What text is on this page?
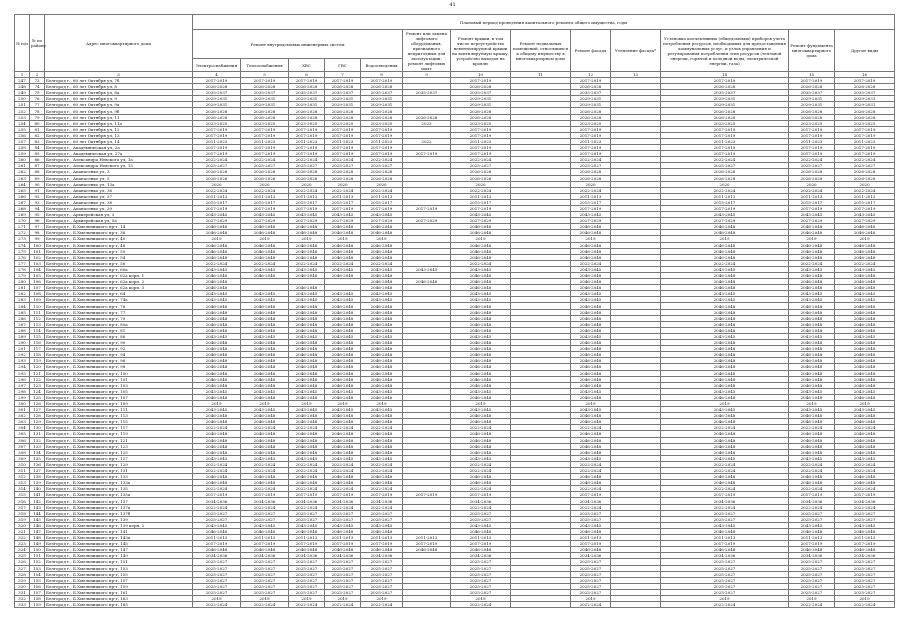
41
№ п/п	№ по району	Адрес многоквартирного дома	Плановый период проведения капитального ремонта общего имущества, годы												
			Ремонт внутридомовых инженерных систем					Ремонт или замена лифтового оборудования, признанного непригодным для эксплуатации, ремонт лифтовых шахт	Ремонт крыши, в том числе переустройство невентилируемой крыши на вентилируемую крышу, устройство выходов на кровлю	Ремонт подвальных помещений, относящихся к общему имуществу в многоквартирном доме	Ремонт фасада	Утепление фасада*	Установка коллективных (общедомовых) приборов учета потребления ресурсов, необходимых для предоставления коммунальных услуг, и узлов управления и регулирования потребления этих ресурсов (тепловой энергии, горячей и холодной воды, электрической энергии, газа)	Ремонт фундамента многоквартирного дома	Другие виды
			Электроснабжения	Теплоснабжения	ХВС	ГВС	Водоотведения								
1	2	3	4	5	6	7	8	9	10	11	12	13	14	15	16
247	73	Белгород г., 60 лет Октября ул, 7б	2017-2019	2017-2019	2017-2019	2017-2019	2017-2019		2017-2019		2017-2019		2017-2019	2017-2019	2017-2019
248	74	Белгород г., 60 лет Октября ул, 8	2026-2028	2026-2028	2026-2028	2026-2028	2026-2028		2026-2028		2026-2028		2026-2028	2026-2028	2026-2028
249	75	Белгород г., 60 лет Октября ул, 8а	2035-2037	2035-2037	2035-2037	2035-2037	2035-2037	2035-2037	2035-2037		2035-2037		2035-2037	2035-2037	2035-2037
250	76	Белгород г., 60 лет Октября ул, 9	2029-2031	2029-2031	2029-2031	2029-2031	2029-2031		2029-2031		2029-2031		2029-2031	2029-2031	2029-2031
251	77	Белгород г., 60 лет Октября ул, 9а	2029-2031	2029-2031	2029-2031	2029-2031	2029-2031		2029-2031		2029-2031		2029-2031	2029-2031	2029-2031
252	78	Белгород г., 60 лет Октября ул, 9б	2026-2028	2026-2028	2026-2028	2026-2028	2026-2028		2026-2028		2026-2028		2026-2028	2026-2028	2026-2028
253	79	Белгород г., 60 лет Октября ул, 11	2026-2028	2026-2028	2026-2028	2026-2028	2026-2028	2026-2028	2026-2028		2026-2028		2026-2028	2026-2028	2026-2028
254	80	Белгород г., 60 лет Октября ул, 11а	2023-2025	2023-2025	2023-2025	2023-2025	2023-2025	2023	2023-2025		2023-2025		2023-2025	2023-2025	2023-2025
255	81	Белгород г., 60 лет Октября ул, 12	2017-2019	2017-2019	2017-2019	2017-2019	2017-2019		2017-2019		2017-2019		2017-2019	2017-2019	2017-2019
256	82	Белгород г., 60 лет Октября ул, 13	2017-2019	2017-2019	2017-2019	2017-2019	2017-2019		2017-2019		2017-2019		2017-2019	2017-2019	2017-2019
257	83	Белгород г., 60 лет Октября ул, 14	2011-2023	2011-2023	2011-2023	2011-2023	2011-2023	2022	2011-2023		2011-2023		2011-2023	2011-2023	2011-2023
258	84	Белгород г., Академическая ул, 2а	2017-2019	2017-2019	2017-2019	2017-2019	2017-2019		2017-2019		2017-2019		2017-2019	2017-2019	2017-2019
259	85	Белгород г., Академическая ул, 27а	2017-2019	2017-2019	2017-2019	2017-2019	2017-2019	2017-2019	2017-2019		2017-2019		2017-2019	2017-2019	2017-2019
260	86	Белгород г., Александра Невского ул, 1а	2022-2024	2022-2024	2022-2024	2022-2024	2022-2024		2022-2024		2022-2024		2022-2024	2022-2024	2022-2024
261	87	Белгород г., Александра Невского ул, 15	2025-2027	2025-2027	2025-2027	2025-2027	2025-2027		2025-2027		2025-2027		2025-2027	2025-2027	2025-2027
262	88	Белгород г., Апанасенко ул, 3	2026-2028	2026-2028	2026-2028	2026-2028	2026-2028		2026-2028		2026-2028		2026-2028	2026-2028	2026-2028
263	89	Белгород г., Апанасенко ул, 5	2026-2028	2026-2028	2026-2028	2026-2028	2026-2028		2026-2028		2026-2028		2026-2028	2026-2028	2026-2028
264	90	Белгород г., Апанасенко ул, 13а	2020	2020	2020	2020	2020		2020		2020		2020	2020	2020
265	91	Белгород г., Апанасенко ул, 36	2022-2024	2022-2024	2022-2024	2022-2024	2022-2024		2022-2024		2022-2024		2022-2024	2022-2024	2022-2024
266	92	Белгород г., Апанасенко ул, 37	2011-2013	2011-2013	2011-2013	2011-2013	2011-2013		2011-2013		2011-2013		2011-2013	2011-2013	2011-2013
267	93	Белгород г., Апанасенко ул, 38	2015-2017	2015-2017	2015-2017	2015-2017	2015-2017		2015-2017		2015-2017		2015-2017	2015-2017	2015-2017
268	94	Белгород г., Апанасенко ул, 39	2017-2019	2017-2019	2017-2019	2017-2019	2017-2019	2017-2019	2017-2019		2017-2019		2017-2019	2017-2019	2017-2019
269	95	Белгород г., Архиерейская ул, 3	2043-2045	2043-2045	2043-2045	2043-2045	2043-2045		2043-2045		2043-2045		2043-2045	2043-2045	2043-2045
270	96	Белгород г., Архиерейская ул, 5а	2027-2029	2027-2029	2027-2029	2027-2029	2027-2029	2027-2029	2027-2029		2027-2029		2027-2029	2027-2029	2027-2029
271	97	Белгород г., Б.Хмельницкого пр-т, 14	2046-2048	2046-2048	2046-2048	2046-2048	2046-2048		2046-2048		2046-2048		2046-2048	2046-2048	2046-2048
272	98	Белгород г., Б.Хмельницкого пр-т, 38	2046-2048	2046-2048	2046-2048	2046-2048	2046-2048		2046-2048		2046-2048		2046-2048	2046-2048	2046-2048
273	99	Белгород г., Б.Хмельницкого пр-т, 40	2019	2019	2019	2019	2019		2019		2019		2019	2019	2019
274	100	Белгород г., Б.Хмельницкого пр-т, 48	2046-2048	2046-2048	2046-2048	2046-2048	2046-2048		2046-2048		2046-2048		2046-2048	2046-2048	2046-2048
275	101	Белгород г., Б.Хмельницкого пр-т, 50	2046-2048	2046-2048	2046-2048	2046-2048	2046-2048		2046-2048		2046-2048		2046-2048	2046-2048	2046-2048
276	102	Белгород г., Б.Хмельницкого пр-т, 54	2046-2048	2046-2048	2046-2048	2046-2048	2046-2048		2046-2048		2046-2048		2046-2048	2046-2048	2046-2048
277	103	Белгород г., Б.Хмельницкого пр-т, 56	2022-2024	2022-2024	2022-2024	2022-2024	2022-2024		2022-2024		2022-2024		2022-2024	2022-2024	2022-2024
278	104	Белгород г., Б.Хмельницкого пр-т, 60а	2043-2045	2043-2045	2043-2045	2043-2045	2043-2045	2043-2045	2043-2045		2043-2045		2043-2045	2043-2045	2043-2045
279	105	Белгород г., Б.Хмельницкого пр-т, 62а корп. 1	2046-2048	2046-2048	2046-2048	2046-2048	2046-2048		2046-2048		2046-2048		2046-2048	2046-2048	2046-2048
280	106	Белгород г., Б.Хмельницкого пр-т, 62а корп. 2	2046-2048				2046-2048	2046-2048	2046-2048		2046-2048		2046-2048	2046-2048	2046-2048
281	107	Белгород г., Б.Хмельницкого пр-т, 62а корп. 3	2046-2048		2046-2048		2046-2048		2046-2048		2046-2048		2046-2048	2046-2048	2046-2048
282	108	Белгород г., Б.Хмельницкого пр-т, 64	2043-2045	2043-2045	2043-2045	2043-2045	2043-2045		2043-2045		2043-2045		2043-2045	2043-2045	2043-2045
283	109	Белгород г., Б.Хмельницкого пр-т, 74а	2043-2045	2043-2045	2043-2045	2043-2045	2043-2045		2043-2045		2043-2045		2043-2045	2043-2045	2043-2045
284	110	Белгород г., Б.Хмельницкого пр-т, 76	2046-2048	2046-2048	2046-2048	2046-2048	2046-2048		2046-2048		2046-2048		2046-2048	2046-2048	2046-2048
285	111	Белгород г., Б.Хмельницкого пр-т, 77	2046-2048	2046-2048	2046-2048	2046-2048	2046-2048		2046-2048		2046-2048		2046-2048	2046-2048	2046-2048
286	112	Белгород г., Б.Хмельницкого пр-т, 79	2046-2048	2046-2048	2046-2048	2046-2048	2046-2048		2046-2048		2046-2048		2046-2048	2046-2048	2046-2048
287	113	Белгород г., Б.Хмельницкого пр-т, 80а	2046-2048	2046-2048	2046-2048	2046-2048	2046-2048		2046-2048		2046-2048		2046-2048	2046-2048	2046-2048
288	114	Белгород г., Б.Хмельницкого пр-т, 81	2046-2048	2046-2048	2046-2048	2046-2048	2046-2048		2046-2048		2046-2048		2046-2048	2046-2048	2046-2048
289	115	Белгород г., Б.Хмельницкого пр-т, 86	2043-2045	2043-2045	2043-2045	2043-2045	2043-2045		2043-2045		2043-2045		2043-2045	2043-2045	2043-2045
290	116	Белгород г., Б.Хмельницкого пр-т, 90	2046-2048	2046-2048	2046-2048	2046-2048	2046-2048		2046-2048		2046-2048		2046-2048	2046-2048	2046-2048
291	117	Белгород г., Б.Хмельницкого пр-т, 92	2046-2048	2046-2048	2046-2048	2046-2048	2046-2048		2046-2048		2046-2048		2046-2048	2046-2048	2046-2048
292	118	Белгород г., Б.Хмельницкого пр-т, 94	2046-2048	2046-2048	2046-2048	2046-2048	2046-2048		2046-2048		2046-2048		2046-2048	2046-2048	2046-2048
293	119	Белгород г., Б.Хмельницкого пр-т, 96	2046-2048	2046-2048	2046-2048	2046-2048	2046-2048		2046-2048		2046-2048		2046-2048	2046-2048	2046-2048
294	120	Белгород г., Б.Хмельницкого пр-т, 98	2046-2048	2046-2048	2046-2048	2046-2048	2046-2048		2046-2048		2046-2048		2046-2048	2046-2048	2046-2048
295	121	Белгород г., Б.Хмельницкого пр-т, 100	2046-2048	2046-2048	2046-2048	2046-2048	2046-2048		2046-2048		2046-2048		2046-2048	2046-2048	2046-2048
296	122	Белгород г., Б.Хмельницкого пр-т, 101	2046-2048	2046-2048	2046-2048	2046-2048	2046-2048		2046-2048		2046-2048		2046-2048	2046-2048	2046-2048
297	123	Белгород г., Б.Хмельницкого пр-т, 103	2046-2048	2046-2048	2046-2048	2046-2048	2046-2048		2046-2048		2046-2048		2046-2048	2046-2048	2046-2048
298	124	Белгород г., Б.Хмельницкого пр-т, 105	2043-2045	2043-2045	2043-2045	2043-2045	2043-2045		2043-2045		2043-2045		2043-2045	2043-2045	2043-2045
299	125	Белгород г., Б.Хмельницкого пр-т, 107	2046-2048	2046-2048	2046-2048	2046-2048	2046-2048		2046-2048		2046-2048		2046-2048	2046-2048	2046-2048
300	126	Белгород г., Б.Хмельницкого пр-т, 109	2019	2019	2019	2019	2019		2019		2019		2019	2019	2019
301	127	Белгород г., Б.Хмельницкого пр-т, 111	2043-2045	2043-2045	2043-2045	2043-2045	2043-2045		2043-2045		2043-2045		2043-2045	2043-2045	2043-2045
302	128	Белгород г., Б.Хмельницкого пр-т, 113	2046-2048	2046-2048	2046-2048	2046-2048	2046-2048		2046-2048		2046-2048		2046-2048	2046-2048	2046-2048
303	129	Белгород г., Б.Хмельницкого пр-т, 115	2046-2048	2046-2048	2046-2048	2046-2048	2046-2048		2046-2048		2046-2048		2046-2048	2046-2048	2046-2048
304	130	Белгород г., Б.Хмельницкого пр-т, 117	2022-2024	2022-2024	2022-2024	2022-2024	2022-2024		2022-2024		2022-2024		2022-2024	2022-2024	2022-2024
305	131	Белгород г., Б.Хмельницкого пр-т, 119	2046-2048	2046-2048	2046-2048	2046-2048	2046-2048		2046-2048		2046-2048		2046-2048	2046-2048	2046-2048
306	132	Белгород г., Б.Хмельницкого пр-т, 121	2046-2048	2046-2048	2046-2048	2046-2048	2046-2048		2046-2048		2046-2048		2046-2048	2046-2048	2046-2048
307	133	Белгород г., Б.Хмельницкого пр-т, 123	2046-2048	2046-2048	2046-2048	2046-2048	2046-2048		2046-2048		2046-2048		2046-2048	2046-2048	2046-2048
308	134	Белгород г., Б.Хмельницкого пр-т, 125	2046-2048	2046-2048	2046-2048	2046-2048	2046-2048		2046-2048		2046-2048		2046-2048	2046-2048	2046-2048
309	135	Белгород г., Б.Хмельницкого пр-т, 127	2043-2045	2043-2045	2043-2045	2043-2045	2043-2045		2043-2045		2043-2045		2043-2045	2043-2045	2043-2045
310	136	Белгород г., Б.Хмельницкого пр-т, 129	2022-2024	2022-2024	2022-2024	2022-2024	2022-2024		2022-2024		2022-2024		2022-2024	2022-2024	2022-2024
311	137	Белгород г., Б.Хмельницкого пр-т, 131	2022-2024	2022-2024	2022-2024	2022-2024	2022-2024		2022-2024		2022-2024		2022-2024	2022-2024	2022-2024
312	138	Белгород г., Б.Хмельницкого пр-т, 133	2046-2048	2046-2048	2046-2048	2046-2048	2046-2048		2046-2048		2046-2048		2046-2048	2046-2048	2046-2048
313	139	Белгород г., Б.Хмельницкого пр-т, 133а	2046-2048	2046-2048	2046-2048	2046-2048	2046-2048		2046-2048		2046-2048		2046-2048	2046-2048	2046-2048
314	140	Белгород г., Б.Хмельницкого пр-т, 135	2022-2024	2022-2024	2022-2024	2022-2024	2022-2024		2022-2024		2022-2024		2022-2024	2022-2024	2022-2024
315	141	Белгород г., Б.Хмельницкого пр-т, 135а	2017-2019	2017-2019	2017-2019	2017-2019	2017-2019	2017-2019	2017-2019		2017-2019		2017-2019	2017-2019	2017-2019
316	142	Белгород г., Б.Хмельницкого пр-т, 137	2034-2036	2034-2036	2034-2036	2034-2036	2034-2036		2034-2036		2034-2036		2034-2036	2034-2036	2034-2036
317	143	Белгород г., Б.Хмельницкого пр-т, 137а	2022-2024	2022-2024	2022-2024	2022-2024	2022-2024		2022-2024		2022-2024		2022-2024	2022-2024	2022-2024
318	144	Белгород г., Б.Хмельницкого пр-т, 137б	2025-2027	2025-2027	2025-2027	2025-2027	2025-2027		2025-2027		2025-2027		2025-2027	2025-2027	2025-2027
319	145	Белгород г., Б.Хмельницкого пр-т, 139	2025-2027	2025-2027	2025-2027	2025-2027	2025-2027		2025-2027		2025-2027		2025-2027	2025-2027	2025-2027
320	146	Белгород г., Б.Хмельницкого пр-т, 139 корп. 2	2043-2045	2043-2045	2043-2045	2043-2045	2043-2045		2043-2045		2043-2045		2043-2045	2043-2045	2043-2045
321	147	Белгород г., Б.Хмельницкого пр-т, 141	2046-2048	2046-2048	2046-2048	2046-2048	2046-2048		2046-2048		2046-2048		2046-2048	2046-2048	2046-2048
322	148	Белгород г., Б.Хмельницкого пр-т, 143а	2011-2013	2011-2013	2011-2013	2011-2013	2011-2013	2011-2013	2011-2013		2011-2013		2011-2013	2011-2013	2011-2013
323	149	Белгород г., Б.Хмельницкого пр-т, 145	2017-2019	2017-2019	2017-2019	2017-2019	2017-2019	2017-2019	2017-2019		2017-2019		2017-2019	2017-2019	2017-2019
324	150	Белгород г., Б.Хмельницкого пр-т, 147	2046-2048	2046-2048	2046-2048	2046-2048	2046-2048	2046-2048	2046-2048		2046-2048		2046-2048	2046-2048	2046-2048
325	151	Белгород г., Б.Хмельницкого пр-т, 149	2034-2036	2034-2036	2034-2036	2034-2036	2034-2036		2034-2036		2034-2036		2034-2036	2034-2036	2034-2036
326	152	Белгород г., Б.Хмельницкого пр-т, 151	2025-2027	2025-2027	2025-2027	2025-2027	2025-2027		2025-2027		2025-2027		2025-2027	2025-2027	2025-2027
327	153	Белгород г., Б.Хмельницкого пр-т, 153	2025-2027	2025-2027	2025-2027	2025-2027	2025-2027		2025-2027		2025-2027		2025-2027	2025-2027	2025-2027
328	154	Белгород г., Б.Хмельницкого пр-т, 155	2025-2027	2025-2027	2025-2027	2025-2027	2025-2027		2025-2027		2025-2027		2025-2027	2025-2027	2025-2027
329	155	Белгород г., Б.Хмельницкого пр-т, 157	2025-2027	2025-2027	2025-2027	2025-2027	2025-2027		2025-2027		2025-2027		2025-2027	2025-2027	2025-2027
330	156	Белгород г., Б.Хмельницкого пр-т, 159	2025-2027	2025-2027	2025-2027	2025-2027	2025-2027		2025-2027		2025-2027		2025-2027	2025-2027	2025-2027
331	157	Белгород г., Б.Хмельницкого пр-т, 161	2025-2027	2025-2027	2025-2027	2025-2027	2025-2027		2025-2027		2025-2027		2025-2027	2025-2027	2025-2027
332	158	Белгород г., Б.Хмельницкого пр-т, 163	2019	2019	2019	2019	2019		2019		2019		2019	2019	2019
333	159	Белгород г., Б.Хмельницкого пр-т, 165	2022-2024	2022-2024	2022-2024	2022-2024	2022-2024		2022-2024		2022-2024		2022-2024	2022-2024	2022-2024
